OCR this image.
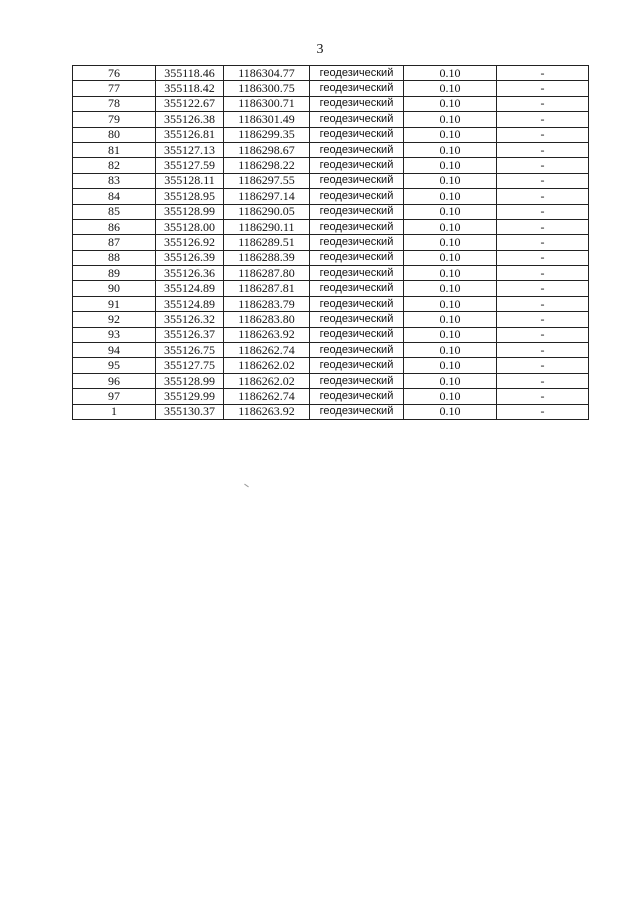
3
76	355118.46	1186304.77	геодезический	0.10	-
77	355118.42	1186300.75	геодезический	0.10	-
78	355122.67	1186300.71	геодезический	0.10	-
79	355126.38	1186301.49	геодезический	0.10	-
80	355126.81	1186299.35	геодезический	0.10	-
81	355127.13	1186298.67	геодезический	0.10	-
82	355127.59	1186298.22	геодезический	0.10	-
83	355128.11	1186297.55	геодезический	0.10	-
84	355128.95	1186297.14	геодезический	0.10	-
85	355128.99	1186290.05	геодезический	0.10	-
86	355128.00	1186290.11	геодезический	0.10	-
87	355126.92	1186289.51	геодезический	0.10	-
88	355126.39	1186288.39	геодезический	0.10	-
89	355126.36	1186287.80	геодезический	0.10	-
90	355124.89	1186287.81	геодезический	0.10	-
91	355124.89	1186283.79	геодезический	0.10	-
92	355126.32	1186283.80	геодезический	0.10	-
93	355126.37	1186263.92	геодезический	0.10	-
94	355126.75	1186262.74	геодезический	0.10	-
95	355127.75	1186262.02	геодезический	0.10	-
96	355128.99	1186262.02	геодезический	0.10	-
97	355129.99	1186262.74	геодезический	0.10	-
1	355130.37	1186263.92	геодезический	0.10	-
